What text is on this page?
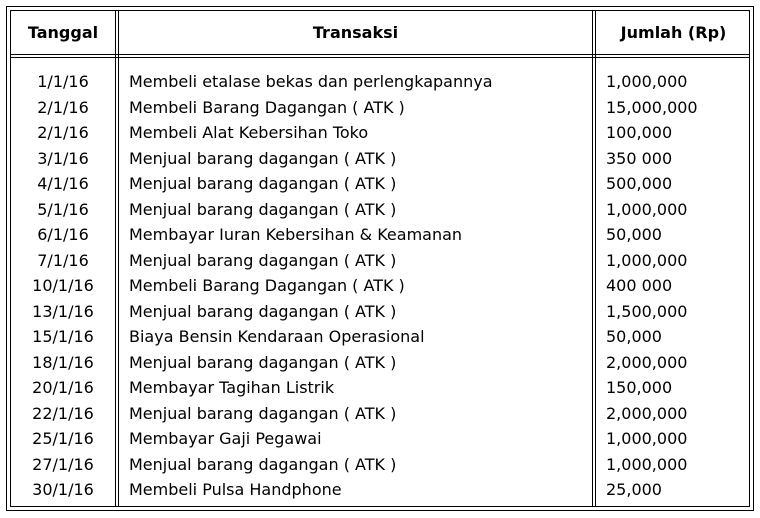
Tanggal	Transaksi	Jumlah (Rp)
1/1/16	Membeli etalase bekas dan perlengkapannya	1,000,000
2/1/16	Membeli Barang Dagangan ( ATK )	15,000,000
2/1/16	Membeli Alat Kebersihan Toko	100,000
3/1/16	Menjual barang dagangan ( ATK )	350 000
4/1/16	Menjual barang dagangan ( ATK )	500,000
5/1/16	Menjual barang dagangan ( ATK )	1,000,000
6/1/16	Membayar Iuran Kebersihan & Keamanan	50,000
7/1/16	Menjual barang dagangan ( ATK )	1,000,000
10/1/16	Membeli Barang Dagangan ( ATK )	400 000
13/1/16	Menjual barang dagangan ( ATK )	1,500,000
15/1/16	Biaya Bensin Kendaraan Operasional	50,000
18/1/16	Menjual barang dagangan ( ATK )	2,000,000
20/1/16	Membayar Tagihan Listrik	150,000
22/1/16	Menjual barang dagangan ( ATK )	2,000,000
25/1/16	Membayar Gaji Pegawai	1,000,000
27/1/16	Menjual barang dagangan ( ATK )	1,000,000
30/1/16	Membeli Pulsa Handphone	25,000
